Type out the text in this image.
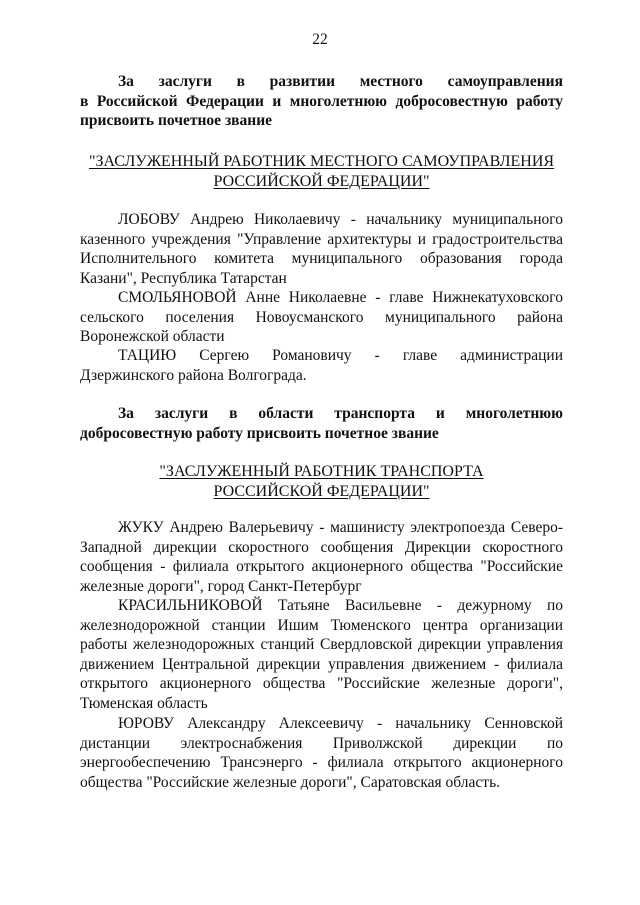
22
За заслуги в развитии местного самоуправления
в Российской Федерации и многолетнюю добросовестную работу
присвоить почетное звание
"ЗАСЛУЖЕННЫЙ РАБОТНИК МЕСТНОГО САМОУПРАВЛЕНИЯ
РОССИЙСКОЙ ФЕДЕРАЦИИ"
ЛОБОВУ Андрею Николаевичу - начальнику муниципального казенного учреждения "Управление архитектуры и градостроительства Исполнительного комитета муниципального образования города Казани", Республика Татарстан
СМОЛЬЯНОВОЙ Анне Николаевне - главе Нижнекатуховского сельского поселения Новоусманского муниципального района Воронежской области
ТАЦИЮ Сергею Романовичу - главе администрации Дзержинского района Волгограда.
За заслуги в области транспорта и многолетнюю
добросовестную работу присвоить почетное звание
"ЗАСЛУЖЕННЫЙ РАБОТНИК ТРАНСПОРТА
РОССИЙСКОЙ ФЕДЕРАЦИИ"
ЖУКУ Андрею Валерьевичу - машинисту электропоезда Северо-Западной дирекции скоростного сообщения Дирекции скоростного сообщения - филиала открытого акционерного общества "Российские железные дороги", город Санкт-Петербург
КРАСИЛЬНИКОВОЙ Татьяне Васильевне - дежурному по железнодорожной станции Ишим Тюменского центра организации работы железнодорожных станций Свердловской дирекции управления движением Центральной дирекции управления движением - филиала открытого акционерного общества "Российские железные дороги", Тюменская область
ЮРОВУ Александру Алексеевичу - начальнику Сенновской дистанции электроснабжения Приволжской дирекции по энергообеспечению Трансэнерго - филиала открытого акционерного общества "Российские железные дороги", Саратовская область.
